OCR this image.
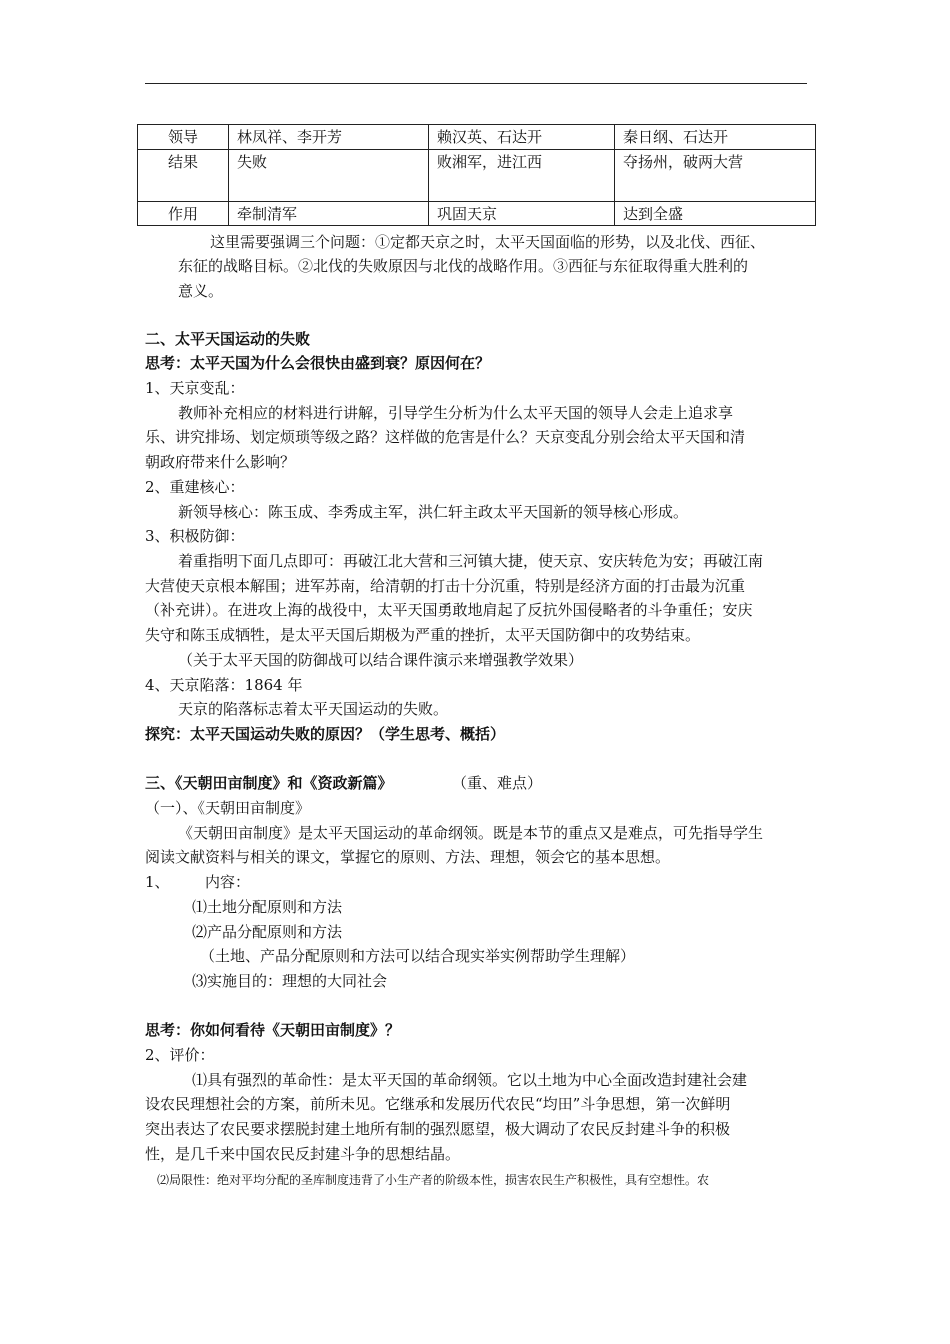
领导	林凤祥、李开芳	赖汉英、石达开	秦日纲、石达开
结果	失败	败湘军，进江西	夺扬州，破两大营
作用	牵制清军	巩固天京	达到全盛
这里需要强调三个问题：①定都天京之时，太平天国面临的形势，以及北伐、西征、
东征的战略目标。②北伐的失败原因与北伐的战略作用。③西征与东征取得重大胜利的
意义。
二、太平天国运动的失败
思考：太平天国为什么会很快由盛到衰？原因何在？
1、天京变乱：
教师补充相应的材料进行讲解，引导学生分析为什么太平天国的领导人会走上追求享
乐、讲究排场、划定烦琐等级之路？这样做的危害是什么？天京变乱分别会给太平天国和清
朝政府带来什么影响？
2、重建核心：
新领导核心：陈玉成、李秀成主军，洪仁轩主政太平天国新的领导核心形成。
3、积极防御：
着重指明下面几点即可：再破江北大营和三河镇大捷，使天京、安庆转危为安；再破江南
大营使天京根本解围；进军苏南，给清朝的打击十分沉重，特别是经济方面的打击最为沉重
（补充讲）。在进攻上海的战役中，太平天国勇敢地肩起了反抗外国侵略者的斗争重任；安庆
失守和陈玉成牺牲，是太平天国后期极为严重的挫折，太平天国防御中的攻势结束。
（关于太平天国的防御战可以结合课件演示来增强教学效果）
4、天京陷落：1864 年
天京的陷落标志着太平天国运动的失败。
探究：太平天国运动失败的原因？（学生思考、概括）
三、《天朝田亩制度》和《资政新篇》	（重、难点）
（一）、《天朝田亩制度》
《天朝田亩制度》是太平天国运动的革命纲领。既是本节的重点又是难点，可先指导学生
阅读文献资料与相关的课文，掌握它的原则、方法、理想，领会它的基本思想。
1、 内容：
⑴土地分配原则和方法
⑵产品分配原则和方法
（土地、产品分配原则和方法可以结合现实举实例帮助学生理解）
⑶实施目的：理想的大同社会
思考：你如何看待《天朝田亩制度》？
2、评价：
⑴具有强烈的革命性：是太平天国的革命纲领。它以土地为中心全面改造封建社会建
设农民理想社会的方案，前所未见。它继承和发展历代农民“均田”斗争思想，第一次鲜明
突出表达了农民要求摆脱封建土地所有制的强烈愿望，极大调动了农民反封建斗争的积极
性，是几千来中国农民反封建斗争的思想结晶。
⑵局限性：绝对平均分配的圣库制度违背了小生产者的阶级本性，损害农民生产积极性，具有空想性。农
